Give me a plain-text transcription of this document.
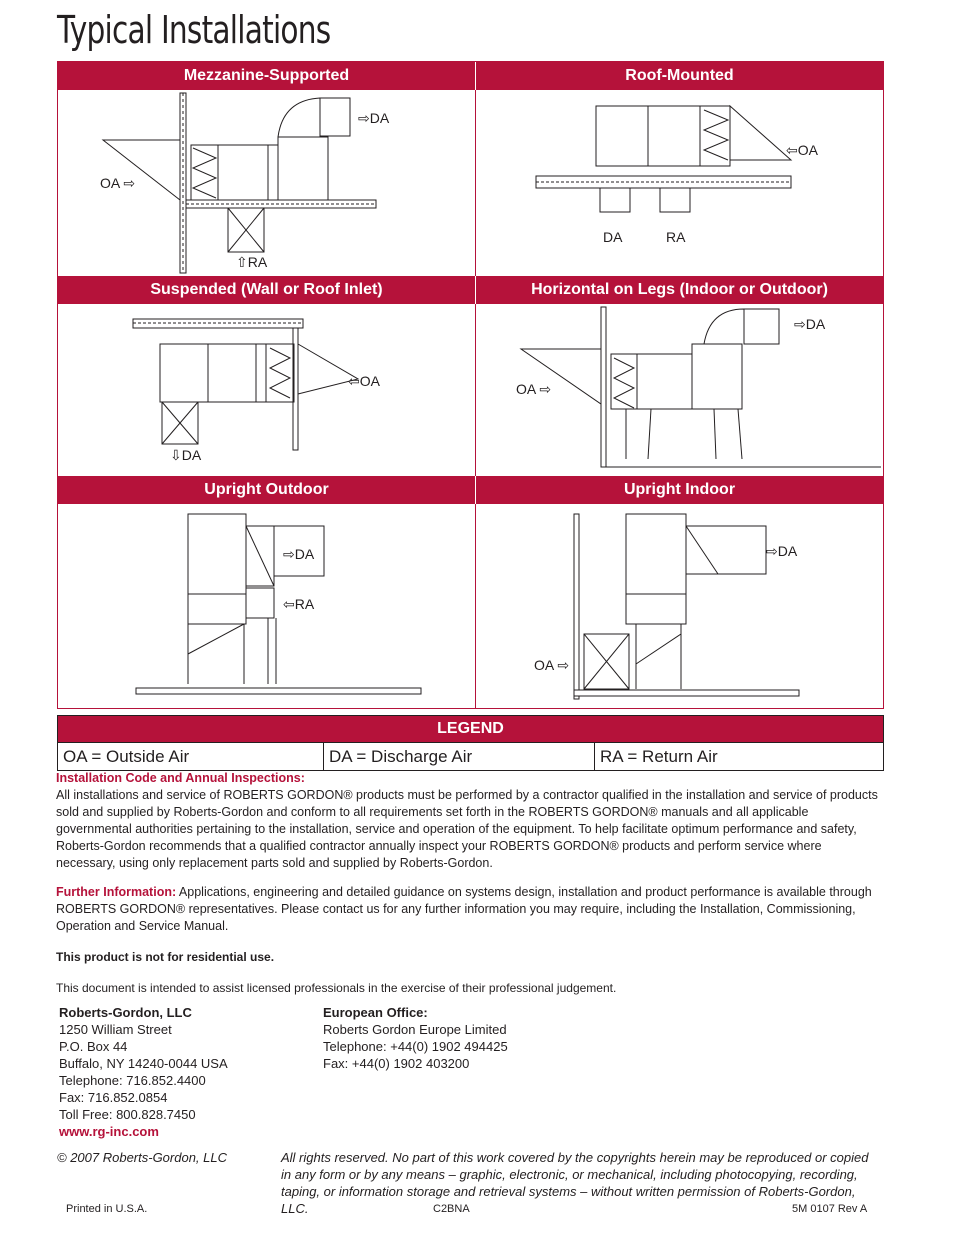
Typical Installations
Mezzanine-Supported	Roof-Mounted
⇨DA
OA ⇨
⇧RA
⇦OA
DA	RA
Suspended (Wall or Roof Inlet)	Horizontal on Legs (Indoor or Outdoor)
⇦OA
⇩DA
⇨DA
OA ⇨
Upright Outdoor	Upright Indoor
⇨DA
⇦RA
⇨DA
OA ⇨
LEGEND
OA = Outside Air	DA = Discharge Air	RA = Return Air
Installation Code and Annual Inspections:
All installations and service of ROBERTS GORDON® products must be performed by a contractor qualified in the installation and service of products sold and supplied by Roberts-Gordon and conform to all requirements set forth in the ROBERTS GORDON® manuals and all applicable governmental authorities pertaining to the installation, service and operation of the equipment. To help facilitate optimum performance and safety, Roberts-Gordon recommends that a qualified contractor annually inspect your ROBERTS GORDON® products and perform service where necessary, using only replacement parts sold and supplied by Roberts-Gordon.
Further Information: Applications, engineering and detailed guidance on systems design, installation and product performance is available through ROBERTS GORDON® representatives. Please contact us for any further information you may require, including the Installation, Commissioning, Operation and Service Manual.
This product is not for residential use.
This document is intended to assist licensed professionals in the exercise of their professional judgement.
Roberts-Gordon, LLC
1250 William Street
P.O. Box 44
Buffalo, NY 14240-0044 USA
Telephone: 716.852.4400
Fax: 716.852.0854
Toll Free: 800.828.7450
www.rg-inc.com
European Office:
Roberts Gordon Europe Limited
Telephone: +44(0) 1902 494425
Fax: +44(0) 1902 403200
© 2007 Roberts-Gordon, LLC	All rights reserved. No part of this work covered by the copyrights herein may be reproduced or copied in any form or by any means – graphic, electronic, or mechanical, including photocopying, recording, taping, or information storage and retrieval systems – without written permission of Roberts-Gordon, LLC.
Printed in U.S.A.	C2BNA	5M 0107 Rev A
